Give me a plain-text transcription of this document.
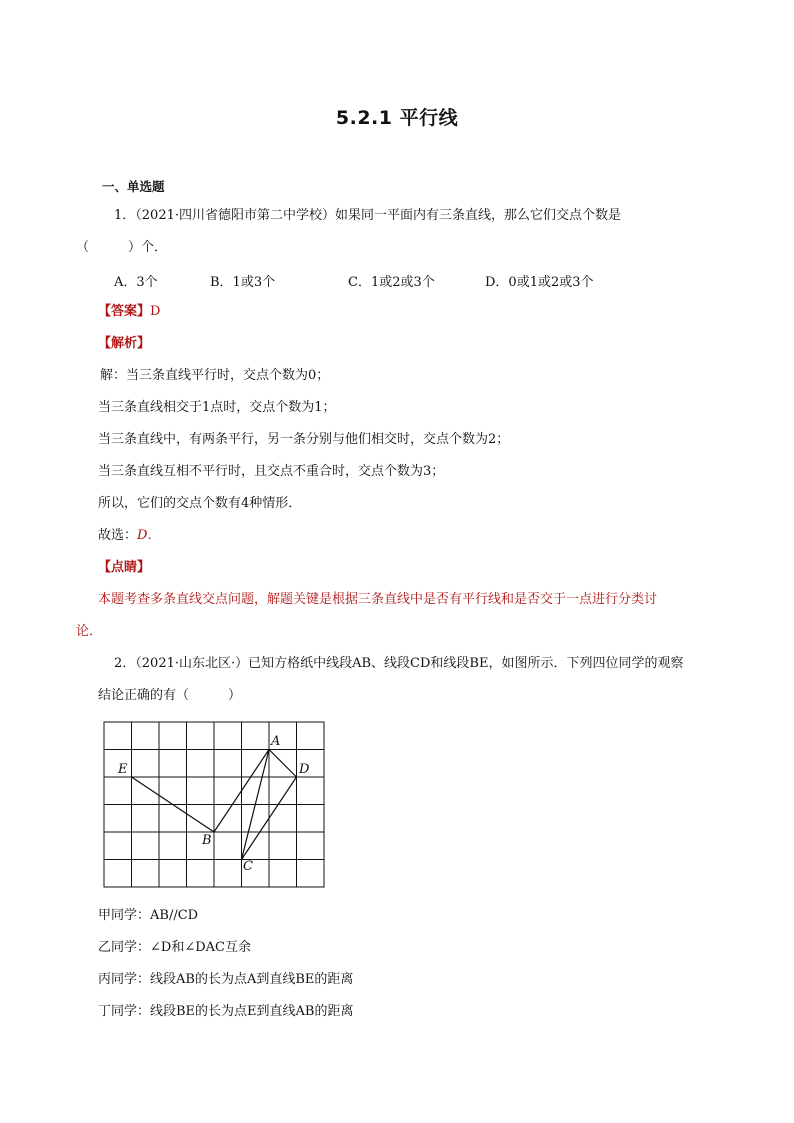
5.2.1 平行线
一、单选题
1．（2021·四川省德阳市第二中学校）如果同一平面内有三条直线，那么它们交点个数是
（　　　）个．
A．3个	B．1或3个	C．1或2或3个	D．0或1或2或3个
【答案】D
【解析】
解：当三条直线平行时，交点个数为0；
当三条直线相交于1点时，交点个数为1；
当三条直线中，有两条平行，另一条分别与他们相交时，交点个数为2；
当三条直线互相不平行时，且交点不重合时，交点个数为3；
所以，它们的交点个数有4种情形．
故选：D．
【点睛】
本题考查多条直线交点问题，解题关键是根据三条直线中是否有平行线和是否交于一点进行分类讨
论．
2．（2021·山东北区·）已知方格纸中线段AB、线段CD和线段BE，如图所示．下列四位同学的观察
结论正确的有（　　　）
A
B
C
D
E
甲同学：AB//CD
乙同学：∠D和∠DAC互余
丙同学：线段AB的长为点A到直线BE的距离
丁同学：线段BE的长为点E到直线AB的距离
